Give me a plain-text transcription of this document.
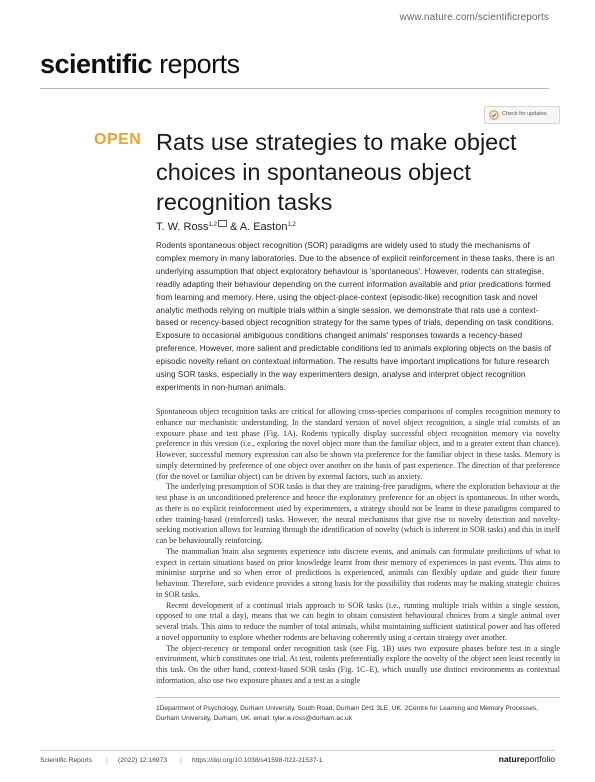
www.nature.com/scientificreports
scientific reports
Check for updates
OPEN Rats use strategies to make object choices in spontaneous object recognition tasks
T. W. Ross$^{1,2}$ & A. Easton$^{1,2}$
Rodents spontaneous object recognition (SOR) paradigms are widely used to study the mechanisms of complex memory in many laboratories. Due to the absence of explicit reinforcement in these tasks, there is an underlying assumption that object exploratory behaviour is 'spontaneous'. However, rodents can strategise, readily adapting their behaviour depending on the current information available and prior predications formed from learning and memory. Here, using the object-place-context (episodic-like) recognition task and novel analytic methods relying on multiple trials within a single session, we demonstrate that rats use a context-based or recency-based object recognition strategy for the same types of trials, depending on task conditions. Exposure to occasional ambiguous conditions changed animals' responses towards a recency-based preference. However, more salient and predictable conditions led to animals exploring objects on the basis of episodic novelty reliant on contextual information. The results have important implications for future research using SOR tasks, especially in the way experimenters design, analyse and interpret object recognition experiments in non-human animals.

Spontaneous object recognition tasks are critical for allowing cross-species comparisons of complex recognition memory to enhance our mechanistic understanding. In the standard version of novel object recognition, a single trial consists of an exposure phase and test phase (Fig. 1A). Rodents typically display successful object recognition memory via novelty preference in this version (i.e., exploring the novel object more than the familiar object, and to a greater extent than chance). However, successful memory expression can also be shown via preference for the familiar object in these tasks. Memory is simply determined by preference of one object over another on the basis of past experience. The direction of that preference (for the novel or familiar object) can be driven by external factors, such as anxiety.

The underlying presumption of SOR tasks is that they are training-free paradigms, where the exploration behaviour at the test phase is an unconditioned preference and hence the exploratory preference for an object is spontaneous. In other words, as there is no explicit reinforcement used by experimenters, a strategy should not be learnt in these paradigms compared to other training-based (reinforced) tasks. However, the neural mechanisms that give rise to novelty detection and novelty-seeking motivation allows for learning through the identification of novelty (which is inherent in SOR tasks) and this in itself can be behaviourally reinforcing.

The mammalian brain also segments experience into discrete events, and animals can formulate predictions of what to expect in certain situations based on prior knowledge learnt from their memory of experiences in past events. This aims to minimise surprise and so when error of predictions is experienced, animals can flexibly update and guide their future behaviour. Therefore, such evidence provides a strong basis for the possibility that rodents may be making strategic choices in SOR tasks.

Recent development of a continual trials approach to SOR tasks (i.e., running multiple trials within a single session, opposed to one trial a day), means that we can begin to obtain consistent behavioural choices from a single animal over several trials. This aims to reduce the number of total animals, whilst maintaining sufficient statistical power and has offered a novel opportunity to explore whether rodents are behaving coherently using a certain strategy over another.

The object-recency or temporal order recognition task (see Fig. 1B) uses two exposure phases before test in a single environment, which constitutes one trial. At test, rodents preferentially explore the novelty of the object seen least recently in this task. On the other hand, context-based SOR tasks (Fig. 1C–E), which usually use distinct environments as contextual information, also use two exposure phases and a test as a single

1Department of Psychology, Durham University, South Road, Durham DH1 3LE, UK. 2Centre for Learning and Memory Processes, Durham University, Durham, UK. email: tyler.w.ross@durham.ac.uk
Scientific Reports | (2022) 12:16973 | https://doi.org/10.1038/s41598-022-21537-1	natureportfolio
